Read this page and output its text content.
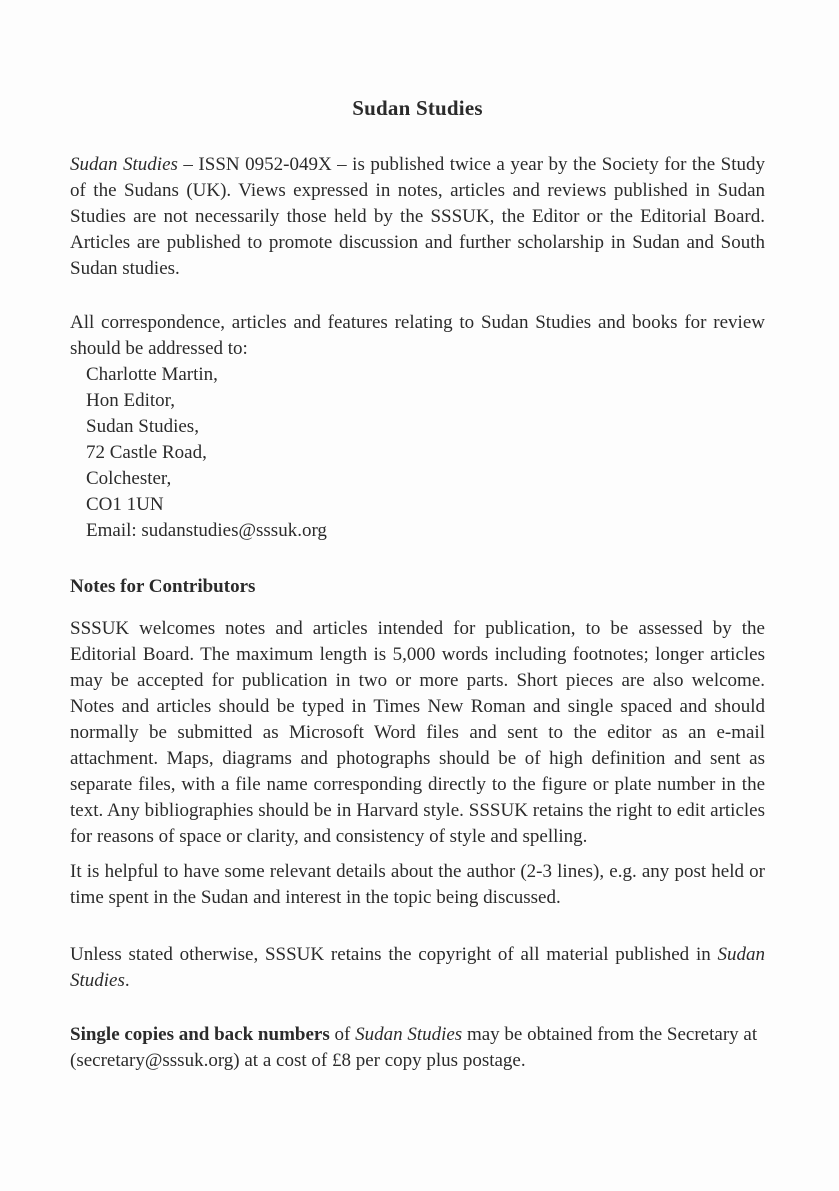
Sudan Studies

Sudan Studies – ISSN 0952-049X – is published twice a year by the Society for the Study of the Sudans (UK). Views expressed in notes, articles and reviews published in Sudan Studies are not necessarily those held by the SSSUK, the Editor or the Editorial Board. Articles are published to promote discussion and further scholarship in Sudan and South Sudan studies.

All correspondence, articles and features relating to Sudan Studies and books for review should be addressed to:

Charlotte Martin,
Hon Editor,
Sudan Studies,
72 Castle Road,
Colchester,
CO1 1UN
Email: sudanstudies@sssuk.org
Notes for Contributors

SSSUK welcomes notes and articles intended for publication, to be assessed by the Editorial Board. The maximum length is 5,000 words including footnotes; longer articles may be accepted for publication in two or more parts. Short pieces are also welcome. Notes and articles should be typed in Times New Roman and single spaced and should normally be submitted as Microsoft Word files and sent to the editor as an e-mail attachment. Maps, diagrams and photographs should be of high definition and sent as separate files, with a file name corresponding directly to the figure or plate number in the text. Any bibliographies should be in Harvard style. SSSUK retains the right to edit articles for reasons of space or clarity, and consistency of style and spelling.

It is helpful to have some relevant details about the author (2-3 lines), e.g. any post held or time spent in the Sudan and interest in the topic being discussed.

Unless stated otherwise, SSSUK retains the copyright of all material published in Sudan Studies.

Single copies and back numbers of Sudan Studies may be obtained from the Secretary at (secretary@sssuk.org) at a cost of £8 per copy plus postage.
